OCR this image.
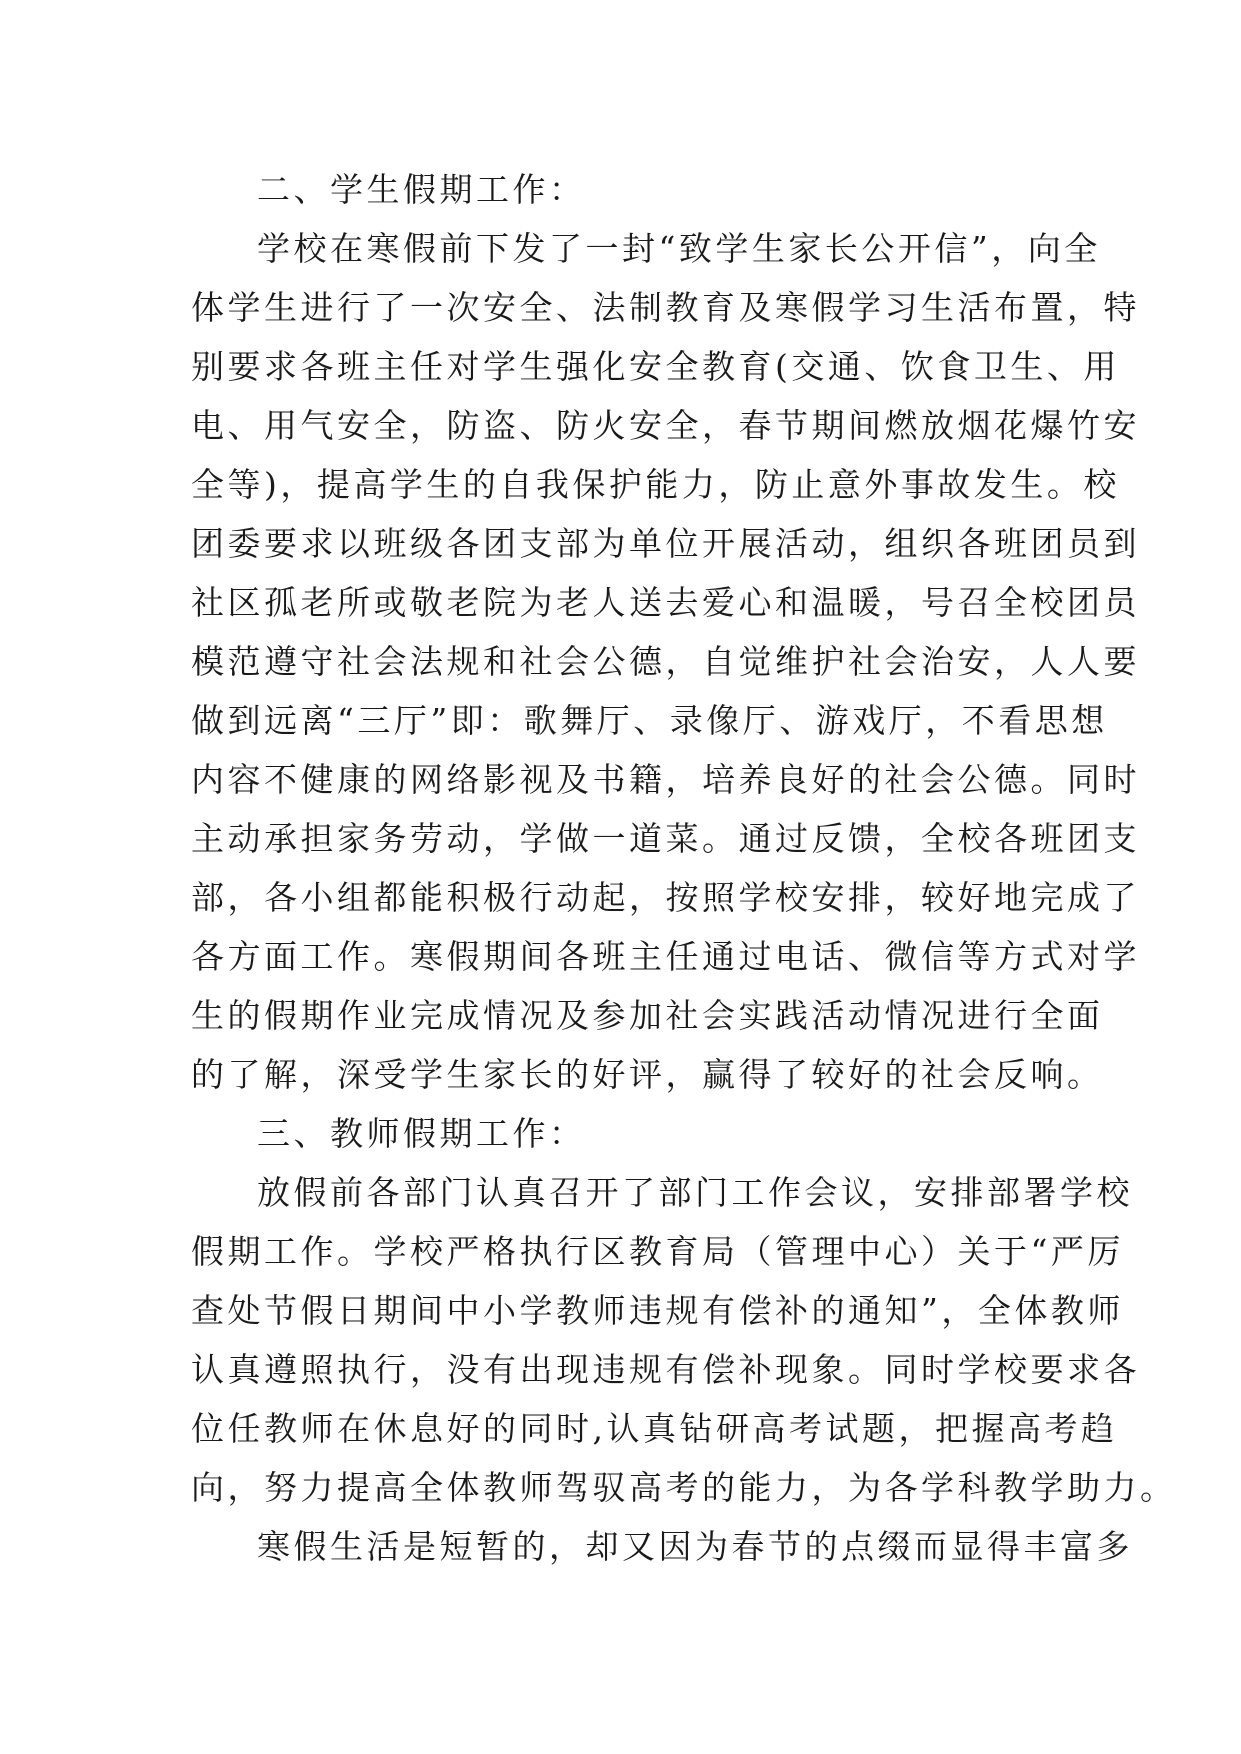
二、学生假期工作：
学校在寒假前下发了一封“致学生家长公开信”，向全
体学生进行了一次安全、法制教育及寒假学习生活布置，特
别要求各班主任对学生强化安全教育(交通、饮食卫生、用
电、用气安全，防盗、防火安全，春节期间燃放烟花爆竹安
全等)，提高学生的自我保护能力，防止意外事故发生。校
团委要求以班级各团支部为单位开展活动，组织各班团员到
社区孤老所或敬老院为老人送去爱心和温暖，号召全校团员
模范遵守社会法规和社会公德，自觉维护社会治安，人人要
做到远离“三厅”即：歌舞厅、录像厅、游戏厅，不看思想
内容不健康的网络影视及书籍，培养良好的社会公德。同时
主动承担家务劳动，学做一道菜。通过反馈，全校各班团支
部，各小组都能积极行动起，按照学校安排，较好地完成了
各方面工作。寒假期间各班主任通过电话、微信等方式对学
生的假期作业完成情况及参加社会实践活动情况进行全面
的了解，深受学生家长的好评，赢得了较好的社会反响。
三、教师假期工作：
放假前各部门认真召开了部门工作会议，安排部署学校
假期工作。学校严格执行区教育局（管理中心）关于“严厉
查处节假日期间中小学教师违规有偿补的通知”，全体教师
认真遵照执行，没有出现违规有偿补现象。同时学校要求各
位任教师在休息好的同时,认真钻研高考试题，把握高考趋
向，努力提高全体教师驾驭高考的能力，为各学科教学助力。
寒假生活是短暂的，却又因为春节的点缀而显得丰富多
